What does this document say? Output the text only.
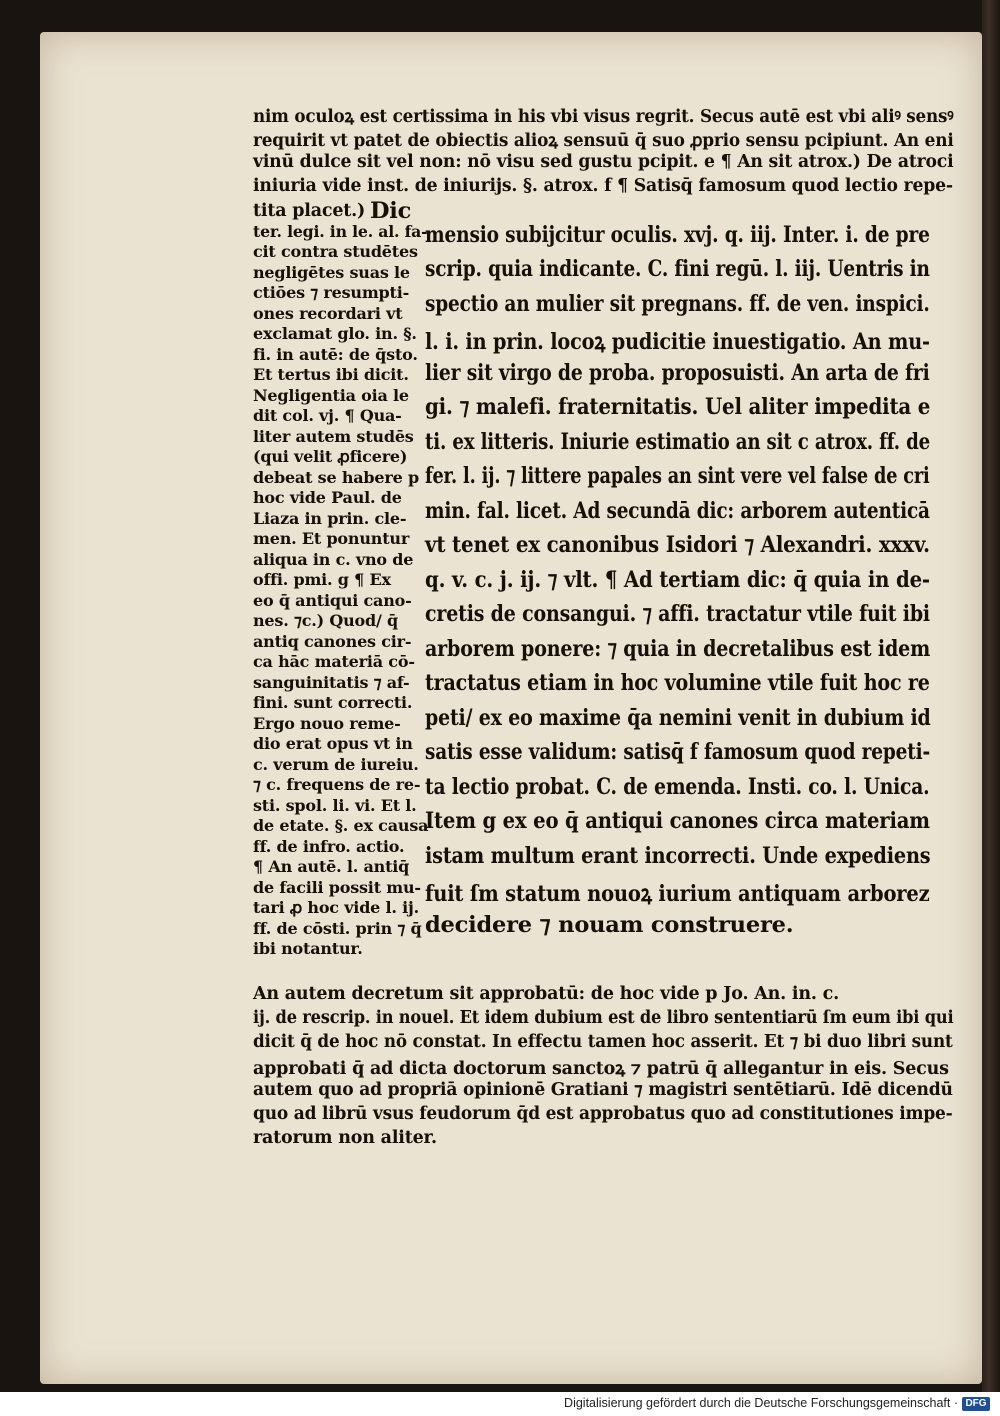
nim oculoꝝ est certissima in his vbi visus regrit. Secus autē est vbi aliꝰ sensꝰ
requirit vt patet de obiectis alioꝝ sensuū q̄ suo ꝓprio sensu pcipiunt. An eni
vinū dulce sit vel non: nō visu sed gustu pcipit. e ¶ An sit atrox.) De atroci
iniuria vide inst. de iniurijs. §. atrox. f ¶ Satisq̄ famosum quod lectio repe-
tita placet.)
ter. legi. in le. al. fa-
cit contra studētes
negligētes suas le
ctiōes ⁊ resumpti-
ones recordari vt
exclamat glo. in. §.
fi. in autē: de q̄sto.
Et tertus ibi dicit.
Negligentia oia le
dit col. vj. ¶ Qua-
liter autem studēs
(qui velit ꝓficere)
debeat se habere p
hoc vide Paul. de
Liaza in prin. cle-
men. Et ponuntur
aliqua in c. vno de
offi. pmi. g ¶ Ex
eo q̄ antiqui cano-
nes. ⁊c.) Quod/ q̄
antiq canones cir-
ca hāc materiā cō-
sanguinitatis ⁊ af-
fini. sunt correcti.
Ergo nouo reme-
dio erat opus vt in
c. verum de iureiu.
⁊ c. frequens de re-
sti. spol. li. vi. Et l.
de etate. §. ex causa
ff. de infro. actio.
¶ An autē. l. antiq̄
de facili possit mu-
tari ꝓ hoc vide l. ij.
ff. de cōsti. prin ⁊ q̄
ibi notantur.
Dic
mensio subijcitur oculis. xvj. q. iij. Inter. i. de pre
scrip. quia indicante. C. fini regū. l. iij. Uentris in
spectio an mulier sit pregnans. ff. de ven. inspici.
l. i. in prin. locoꝝ pudicitie inuestigatio. An mu-
lier sit virgo de proba. proposuisti. An arta de fri
gi. ⁊ malefi. fraternitatis. Uel aliter impedita e
ti. ex litteris. Iniurie estimatio an sit c atrox. ff. de
fer. l. ij. ⁊ littere papales an sint vere vel false de cri
min. fal. licet. Ad secundā dic: arborem autenticā
vt tenet ex canonibus Isidori ⁊ Alexandri. xxxv.
q. v. c. j. ij. ⁊ vlt. ¶ Ad tertiam dic: q̄ quia in de-
cretis de consangui. ⁊ affi. tractatur vtile fuit ibi
arborem ponere: ⁊ quia in decretalibus est idem
tractatus etiam in hoc volumine vtile fuit hoc re
peti/ ex eo maxime q̄a nemini venit in dubium id
satis esse validum: satisq̄ f famosum quod repeti-
ta lectio probat. C. de emenda. Insti. co. l. Unica.
Item g ex eo q̄ antiqui canones circa materiam
istam multum erant incorrecti. Unde expediens
fuit ſm statum nouoꝝ iurium antiquam arborez
decidere ⁊ nouam construere.
An autem decretum sit approbatū: de hoc vide p Jo. An. in. c.
ij. de rescrip. in nouel. Et idem dubium est de libro sententiarū ſm eum ibi qui
dicit q̄ de hoc nō constat. In effectu tamen hoc asserit. Et ⁊ bi duo libri sunt
approbati q̄ ad dicta doctorum sanctoꝝ ⁊ patrū q̄ allegantur in eis. Secus
autem quo ad propriā opinionē Gratiani ⁊ magistri sentētiarū. Idē dicendū
quo ad librū vsus feudorum q̄d est approbatus quo ad constitutiones impe-
ratorum non aliter.
Digitalisierung gefördert durch die Deutsche Forschungsgemeinschaft · DFG
